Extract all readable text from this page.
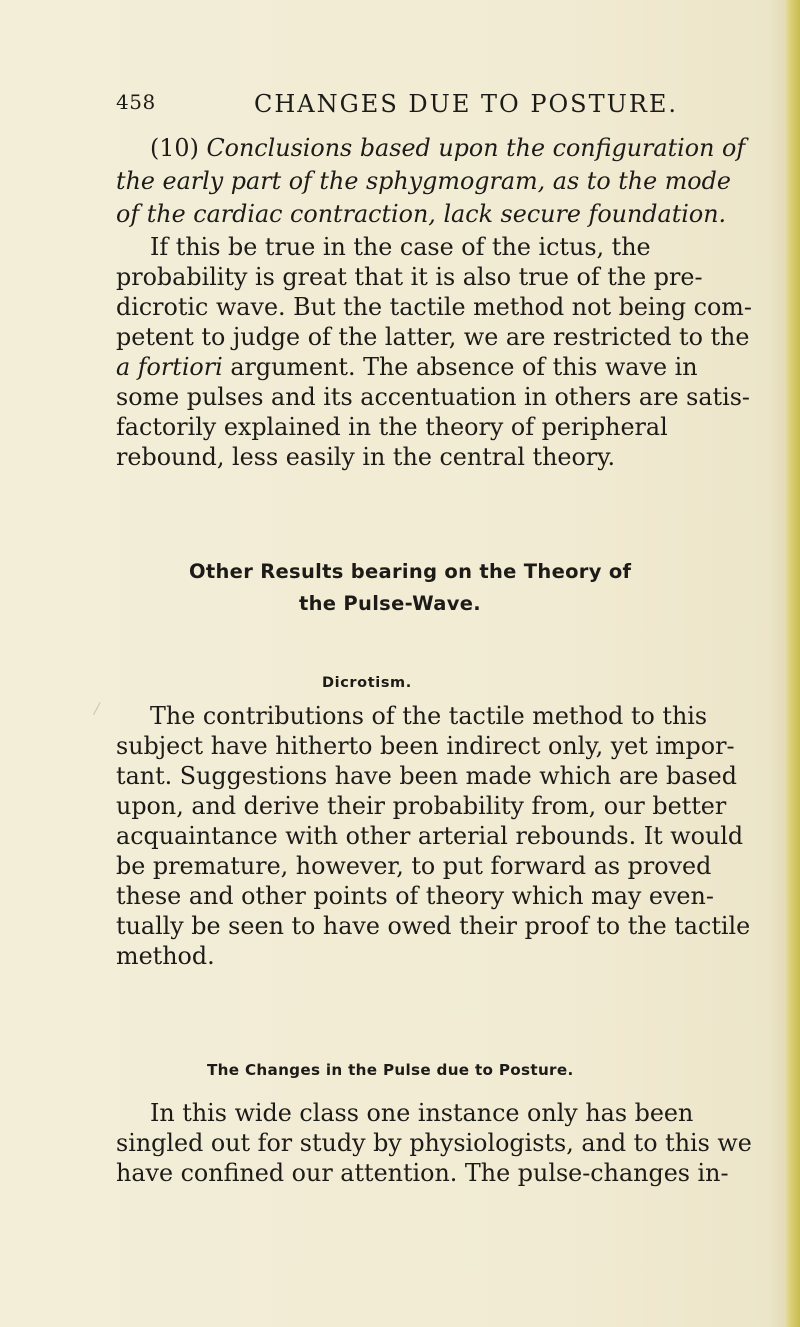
458	CHANGES DUE TO POSTURE.
(10) Conclusions based upon the configuration of
the early part of the sphygmogram, as to the mode
of the cardiac contraction, lack secure foundation.
If this be true in the case of the ictus, the
probability is great that it is also true of the pre-
dicrotic wave. But the tactile method not being com-
petent to judge of the latter, we are restricted to the
a fortiori argument. The absence of this wave in
some pulses and its accentuation in others are satis-
factorily explained in the theory of peripheral
rebound, less easily in the central theory.
Other Results bearing on the Theory of
the Pulse-Wave.
Dicrotism.
The contributions of the tactile method to this
subject have hitherto been indirect only, yet impor-
tant. Suggestions have been made which are based
upon, and derive their probability from, our better
acquaintance with other arterial rebounds. It would
be premature, however, to put forward as proved
these and other points of theory which may even-
tually be seen to have owed their proof to the tactile
method.
The Changes in the Pulse due to Posture.
In this wide class one instance only has been
singled out for study by physiologists, and to this we
have confined our attention. The pulse-changes in-
